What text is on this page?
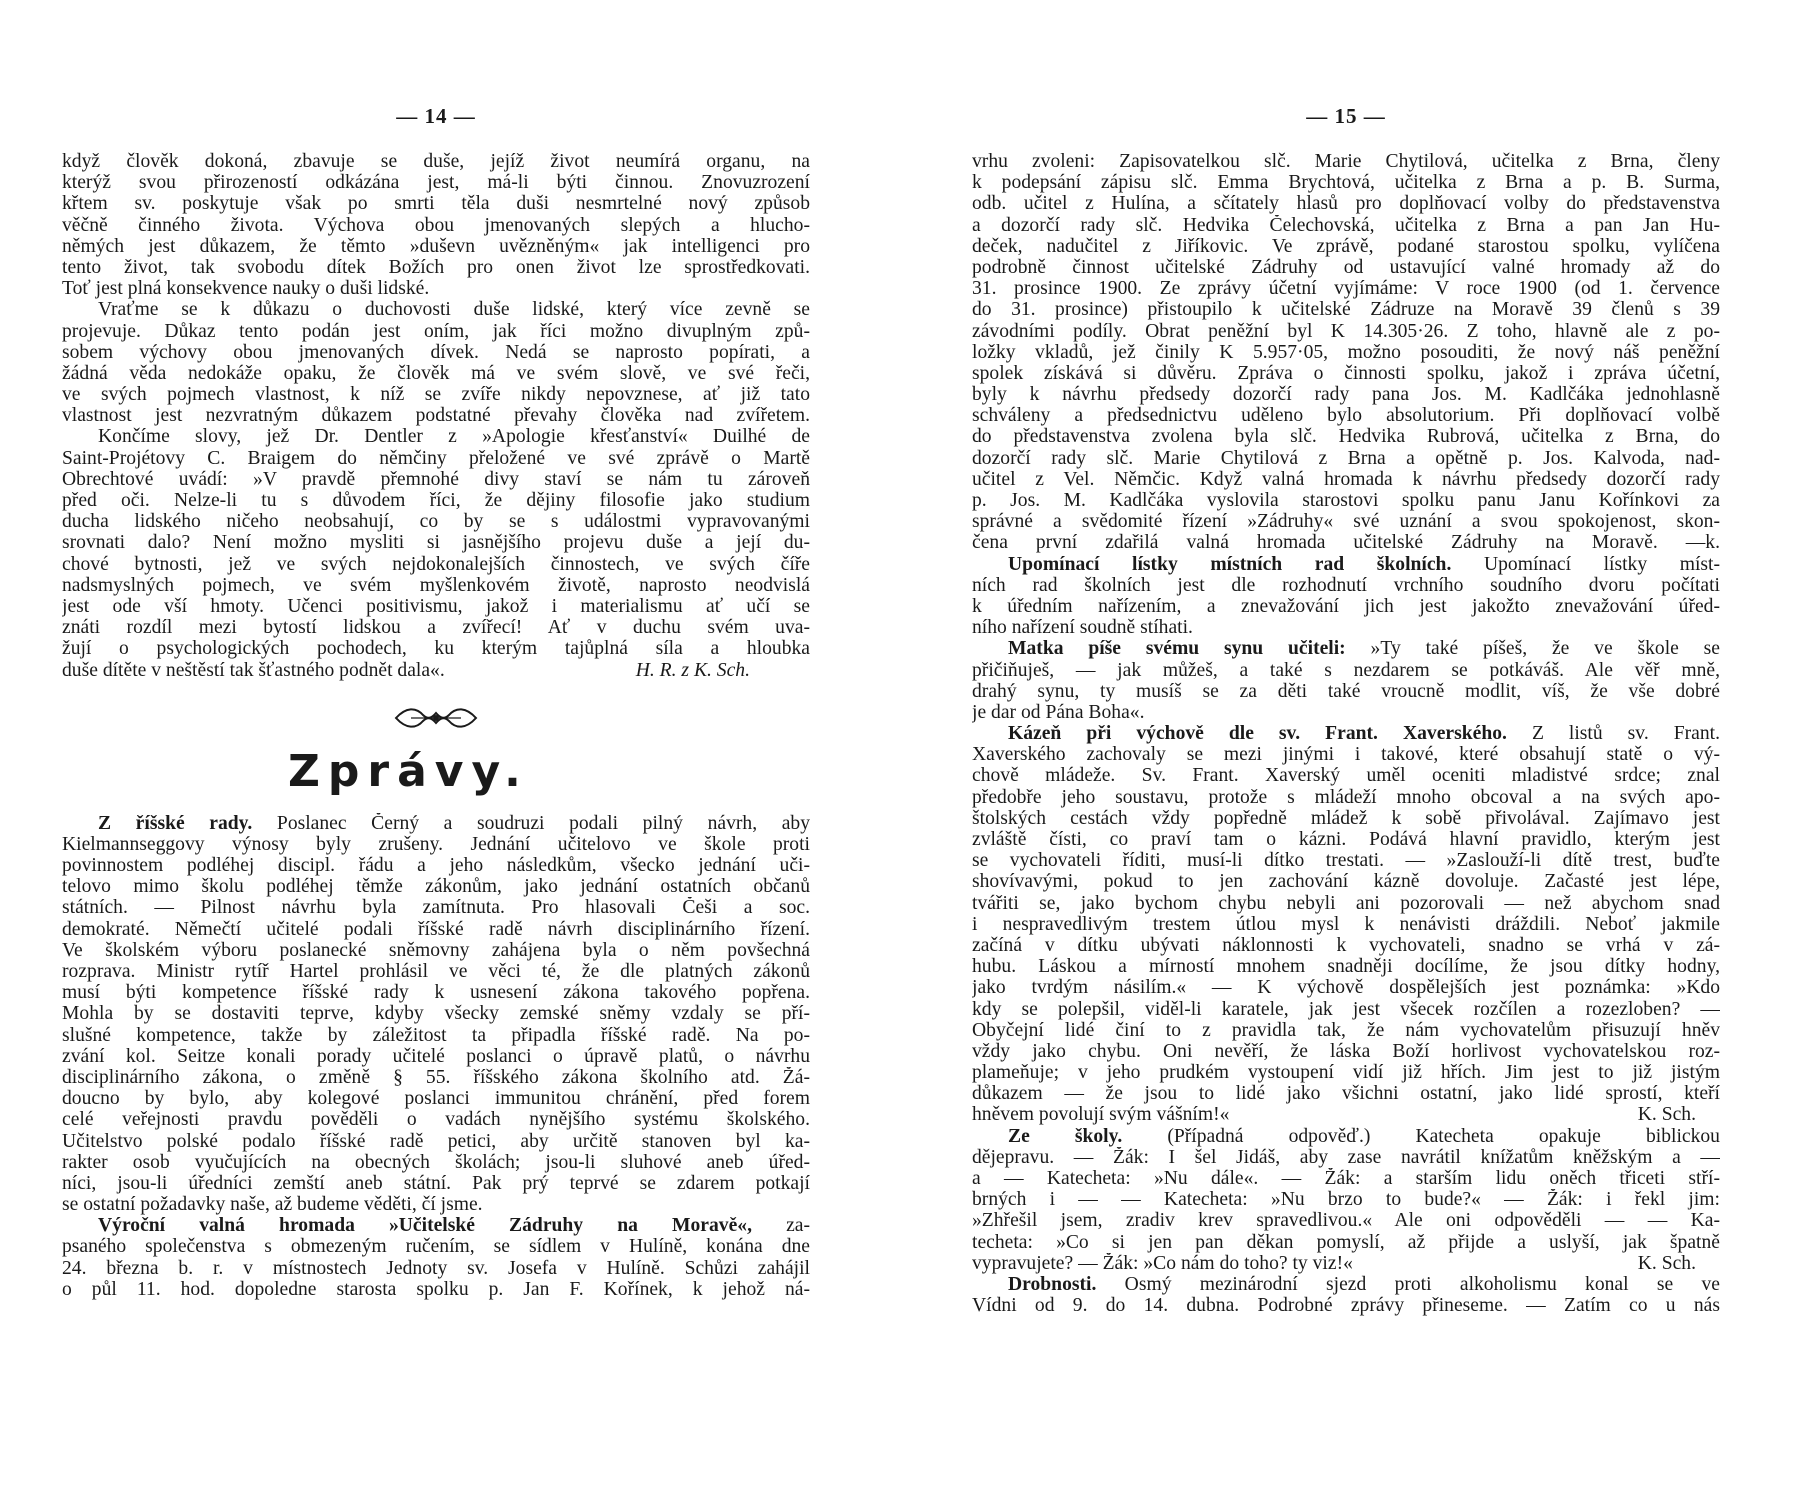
— 14 —
když člověk dokoná, zbavuje se duše, jejíž život neumírá organu, na
kterýž svou přirozeností odkázána jest, má-li býti činnou. Znovuzrození
křtem sv. poskytuje však po smrti těla duši nesmrtelné nový způsob
věčně činného života. Výchova obou jmenovaných slepých a hlucho-
němých jest důkazem, že těmto »duševn uvězněným« jak intelligenci pro
tento život, tak svobodu dítek Božích pro onen život lze sprostředkovati.
Toť jest plná konsekvence nauky o duši lidské.
Vraťme se k důkazu o duchovosti duše lidské, který více zevně se
projevuje. Důkaz tento podán jest oním, jak říci možno divuplným způ-
sobem výchovy obou jmenovaných dívek. Nedá se naprosto popírati, a
žádná věda nedokáže opaku, že člověk má ve svém slově, ve své řeči,
ve svých pojmech vlastnost, k níž se zvíře nikdy nepovznese, ať již tato
vlastnost jest nezvratným důkazem podstatné převahy člověka nad zvířetem.
Končíme slovy, jež Dr. Dentler z »Apologie křesťanství« Duilhé de
Saint-Projétovy C. Braigem do němčiny přeložené ve své zprávě o Martě
Obrechtové uvádí: »V pravdě přemnohé divy staví se nám tu zároveň
před oči. Nelze-li tu s důvodem říci, že dějiny filosofie jako studium
ducha lidského ničeho neobsahují, co by se s událostmi vypravovanými
srovnati dalo? Není možno mysliti si jasnějšího projevu duše a její du-
chové bytnosti, jež ve svých nejdokonalejších činnostech, ve svých číře
nadsmyslných pojmech, ve svém myšlenkovém životě, naprosto neodvislá
jest ode vší hmoty. Učenci positivismu, jakož i materialismu ať učí se
znáti rozdíl mezi bytostí lidskou a zvířecí! Ať v duchu svém uva-
žují o psychologických pochodech, ku kterým tajůplná síla a hloubka
duše dítěte v neštěstí tak šťastného podnět dala«.	H. R. z K. Sch.
Zprávy.
Z říšské rady. Poslanec Černý a soudruzi podali pilný návrh, aby
Kielmannseggovy výnosy byly zrušeny. Jednání učitelovo ve škole proti
povinnostem podléhej discipl. řádu a jeho následkům, všecko jednání uči-
telovo mimo školu podléhej těmže zákonům, jako jednání ostatních občanů
státních. — Pilnost návrhu byla zamítnuta. Pro hlasovali Češi a soc.
demokraté. Němečtí učitelé podali říšské radě návrh disciplinárního řízení.
Ve školském výboru poslanecké sněmovny zahájena byla o něm povšechná
rozprava. Ministr rytíř Hartel prohlásil ve věci té, že dle platných zákonů
musí býti kompetence říšské rady k usnesení zákona takového popřena.
Mohla by se dostaviti teprve, kdyby všecky zemské sněmy vzdaly se pří-
slušné kompetence, takže by záležitost ta připadla říšské radě. Na po-
zvání kol. Seitze konali porady učitelé poslanci o úpravě platů, o návrhu
disciplinárního zákona, o změně § 55. říšského zákona školního atd. Žá-
doucno by bylo, aby kolegové poslanci immunitou chránění, před forem
celé veřejnosti pravdu pověděli o vadách nynějšího systému školského.
Učitelstvo polské podalo říšské radě petici, aby určitě stanoven byl ka-
rakter osob vyučujících na obecných školách; jsou-li sluhové aneb úřed-
níci, jsou-li úředníci zemští aneb státní. Pak prý teprvé se zdarem potkají
se ostatní požadavky naše, až budeme věděti, čí jsme.
Výroční valná hromada »Učitelské Zádruhy na Moravě«, za-
psaného společenstva s obmezeným ručením, se sídlem v Hulíně, konána dne
24. března b. r. v místnostech Jednoty sv. Josefa v Hulíně. Schůzi zahájil
o půl 11. hod. dopoledne starosta spolku p. Jan F. Kořínek, k jehož ná-
— 15 —
vrhu zvoleni: Zapisovatelkou slč. Marie Chytilová, učitelka z Brna, členy
k podepsání zápisu slč. Emma Brychtová, učitelka z Brna a p. B. Surma,
odb. učitel z Hulína, a sčítately hlasů pro doplňovací volby do představenstva
a dozorčí rady slč. Hedvika Čelechovská, učitelka z Brna a pan Jan Hu-
deček, nadučitel z Jiříkovic. Ve zprávě, podané starostou spolku, vylíčena
podrobně činnost učitelské Zádruhy od ustavující valné hromady až do
31. prosince 1900. Ze zprávy účetní vyjímáme: V roce 1900 (od 1. července
do 31. prosince) přistoupilo k učitelské Zádruze na Moravě 39 členů s 39
závodními podíly. Obrat peněžní byl K 14.305·26. Z toho, hlavně ale z po-
ložky vkladů, jež činily K 5.957·05, možno posouditi, že nový náš peněžní
spolek získává si důvěru. Zpráva o činnosti spolku, jakož i zpráva účetní,
byly k návrhu předsedy dozorčí rady pana Jos. M. Kadlčáka jednohlasně
schváleny a předsednictvu uděleno bylo absolutorium. Při doplňovací volbě
do představenstva zvolena byla slč. Hedvika Rubrová, učitelka z Brna, do
dozorčí rady slč. Marie Chytilová z Brna a opětně p. Jos. Kalvoda, nad-
učitel z Vel. Němčic. Když valná hromada k návrhu předsedy dozorčí rady
p. Jos. M. Kadlčáka vyslovila starostovi spolku panu Janu Kořínkovi za
správné a svědomité řízení »Zádruhy« své uznání a svou spokojenost, skon-
čena první zdařilá valná hromada učitelské Zádruhy na Moravě. —k.
Upomínací lístky místních rad školních. Upomínací lístky míst-
ních rad školních jest dle rozhodnutí vrchního soudního dvoru počítati
k úředním nařízením, a znevažování jich jest jakožto znevažování úřed-
ního nařízení soudně stíhati.
Matka píše svému synu učiteli: »Ty také píšeš, že ve škole se
přičiňuješ, — jak můžeš, a také s nezdarem se potkáváš. Ale věř mně,
drahý synu, ty musíš se za děti také vroucně modlit, víš, že vše dobré
je dar od Pána Boha«.
Kázeň při výchově dle sv. Frant. Xaverského. Z listů sv. Frant.
Xaverského zachovaly se mezi jinými i takové, které obsahují statě o vý-
chově mládeže. Sv. Frant. Xaverský uměl oceniti mladistvé srdce; znal
předobře jeho soustavu, protože s mládeží mnoho obcoval a na svých apo-
štolských cestách vždy popředně mládež k sobě přivolával. Zajímavo jest
zvláště čísti, co praví tam o kázni. Podává hlavní pravidlo, kterým jest
se vychovateli říditi, musí-li dítko trestati. — »Zaslouží-li dítě trest, buďte
shovívavými, pokud to jen zachování kázně dovoluje. Začasté jest lépe,
tvářiti se, jako bychom chybu nebyli ani pozorovali — než abychom snad
i nespravedlivým trestem útlou mysl k nenávisti dráždili. Neboť jakmile
začíná v dítku ubývati náklonnosti k vychovateli, snadno se vrhá v zá-
hubu. Láskou a mírností mnohem snadněji docílíme, že jsou dítky hodny,
jako tvrdým násilím.« — K výchově dospělejších jest poznámka: »Kdo
kdy se polepšil, viděl-li karatele, jak jest všecek rozčílen a rozezloben? —
Obyčejní lidé činí to z pravidla tak, že nám vychovatelům přisuzují hněv
vždy jako chybu. Oni nevěří, že láska Boží horlivost vychovatelskou roz-
plameňuje; v jeho prudkém vystoupení vidí již hřích. Jim jest to již jistým
důkazem — že jsou to lidé jako všichni ostatní, jako lidé sprostí, kteří
hněvem povolují svým vášním!«	K. Sch.
Ze školy. (Případná odpověď.) Katecheta opakuje biblickou
dějepravu. — Žák: I šel Jidáš, aby zase navrátil knížatům kněžským a —
a — Katecheta: »Nu dále«. — Žák: a starším lidu oněch třiceti stří-
brných i — — Katecheta: »Nu brzo to bude?« — Žák: i řekl jim:
»Zhřešil jsem, zradiv krev spravedlivou.« Ale oni odpověděli — — Ka-
techeta: »Co si jen pan děkan pomyslí, až přijde a uslyší, jak špatně
vypravujete? — Žák: »Co nám do toho? ty viz!«	K. Sch.
Drobnosti. Osmý mezinárodní sjezd proti alkoholismu konal se ve
Vídni od 9. do 14. dubna. Podrobné zprávy přineseme. — Zatím co u nás
